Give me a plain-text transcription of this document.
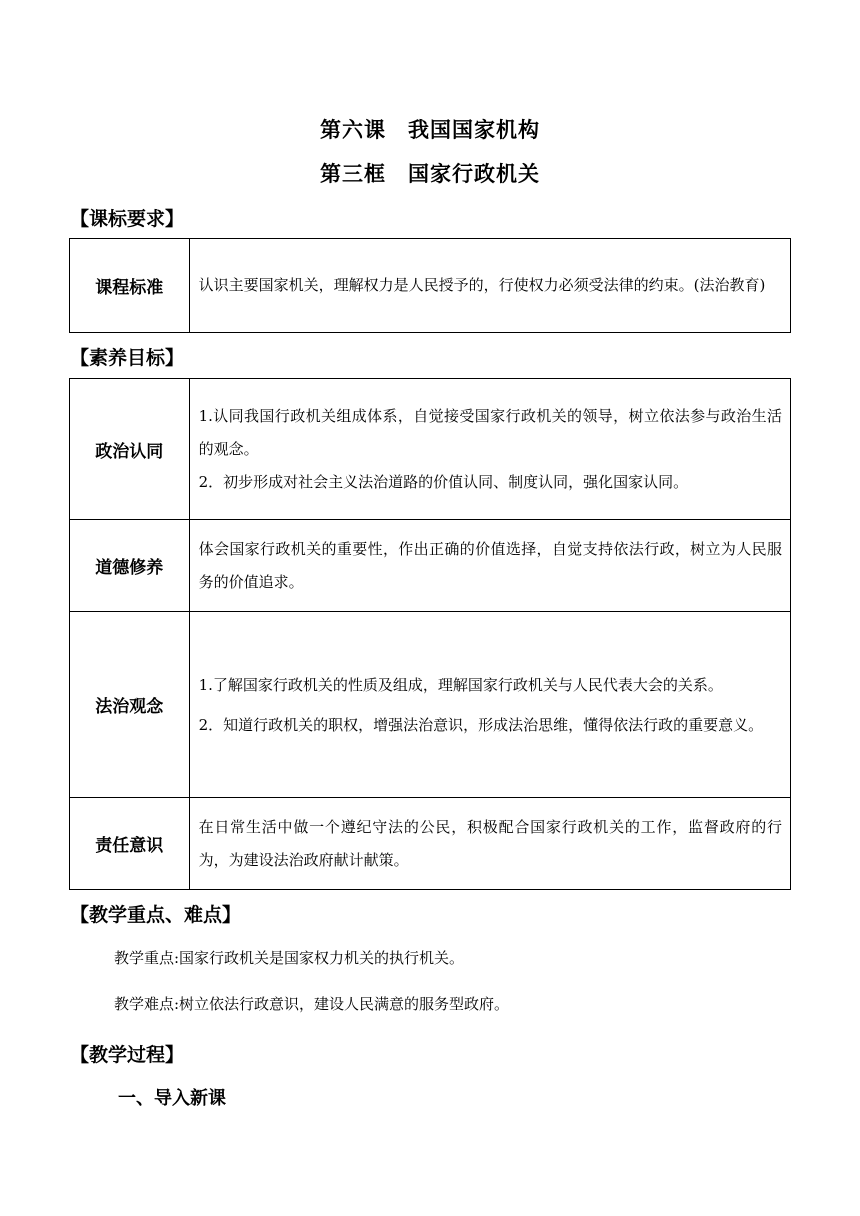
第六课　我国国家机构
第三框　国家行政机关
【课标要求】
课程标准	认识主要国家机关，理解权力是人民授予的，行使权力必须受法律的约束。(法治教育)

【素养目标】
政治认同	1.认同我国行政机关组成体系，自觉接受国家行政机关的领导，树立依法参与政治生活的观念。

2．初步形成对社会主义法治道路的价值认同、制度认同，强化国家认同。

道德修养	体会国家行政机关的重要性，作出正确的价值选择，自觉支持依法行政，树立为人民服务的价值追求。

法治观念	1.了解国家行政机关的性质及组成，理解国家行政机关与人民代表大会的关系。

2．知道行政机关的职权，增强法治意识，形成法治思维，懂得依法行政的重要意义。

责任意识	在日常生活中做一个遵纪守法的公民，积极配合国家行政机关的工作，监督政府的行为，为建设法治政府献计献策。

【教学重点、难点】
教学重点:国家行政机关是国家权力机关的执行机关。
教学难点:树立依法行政意识，建设人民满意的服务型政府。
【教学过程】
一、导入新课
